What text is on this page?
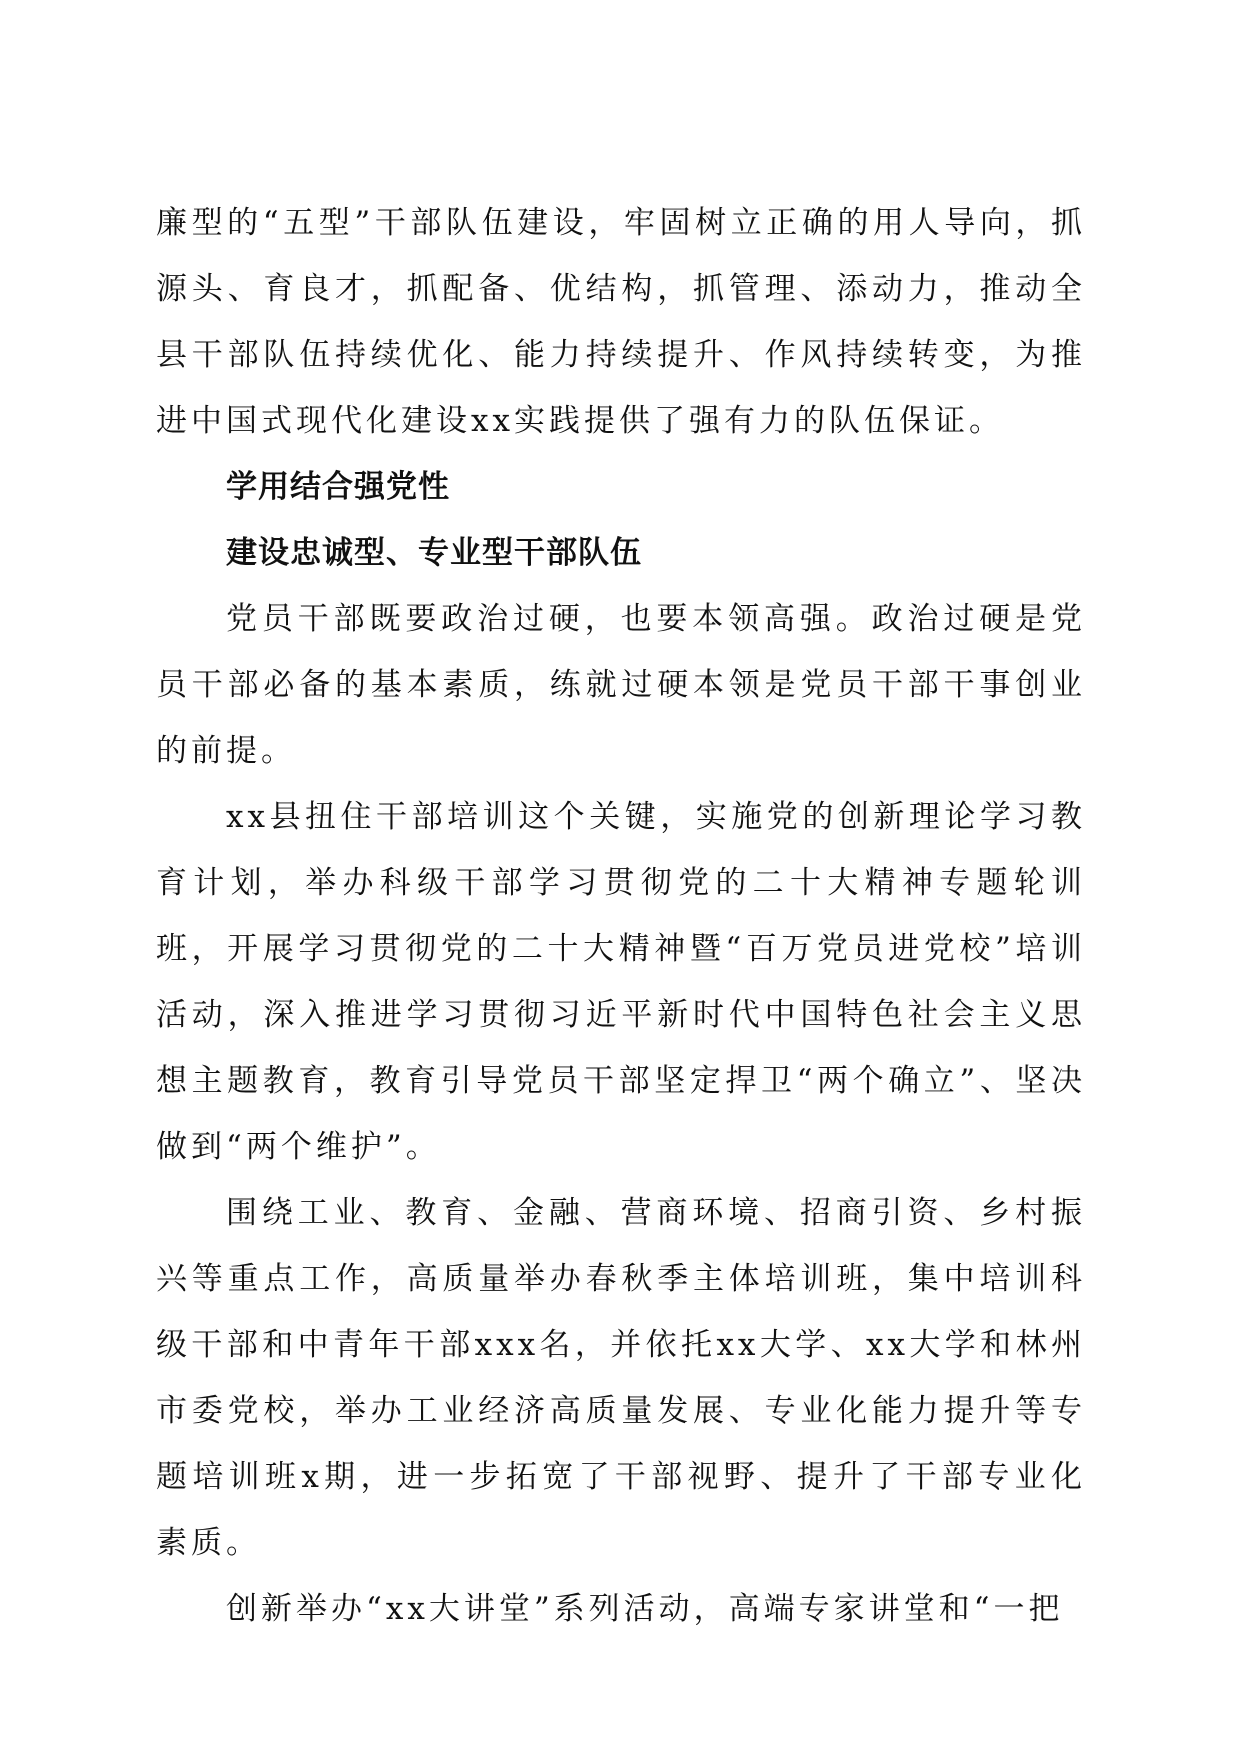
廉型的“五型”干部队伍建设，牢固树立正确的用人导向，抓源头、育良才，抓配备、优结构，抓管理、添动力，推动全县干部队伍持续优化、能力持续提升、作风持续转变，为推进中国式现代化建设xx实践提供了强有力的队伍保证。

学用结合强党性

建设忠诚型、专业型干部队伍

党员干部既要政治过硬，也要本领高强。政治过硬是党员干部必备的基本素质，练就过硬本领是党员干部干事创业的前提。

xx县扭住干部培训这个关键，实施党的创新理论学习教育计划，举办科级干部学习贯彻党的二十大精神专题轮训班，开展学习贯彻党的二十大精神暨“百万党员进党校”培训活动，深入推进学习贯彻习近平新时代中国特色社会主义思想主题教育，教育引导党员干部坚定捍卫“两个确立”、坚决做到“两个维护”。

围绕工业、教育、金融、营商环境、招商引资、乡村振兴等重点工作，高质量举办春秋季主体培训班，集中培训科级干部和中青年干部xxx名，并依托xx大学、xx大学和林州市委党校，举办工业经济高质量发展、专业化能力提升等专题培训班x期，进一步拓宽了干部视野、提升了干部专业化素质。

创新举办“xx大讲堂”系列活动，高端专家讲堂和“一把
